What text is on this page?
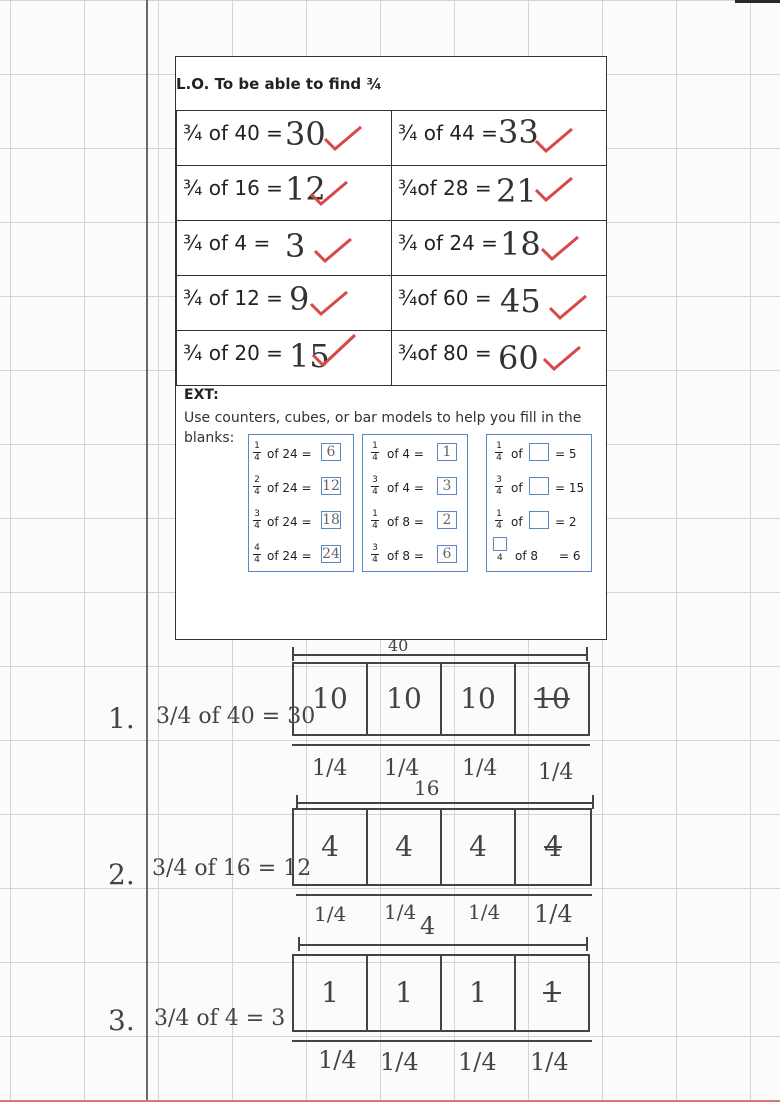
L.O. To be able to find ¾
¾ of 40 = 30	¾ of 44 = 33

¾ of 16 = 12	¾of 28 = 21

¾ of 4 = 3	¾ of 24 = 18

¾ of 12 = 9	¾of 60 = 45

¾ of 20 = 15	¾of 80 = 60
EXT:
Use counters, cubes, or bar models to help you fill in the blanks:
$\frac{1}{4}$ of 24 =	6
$\frac{2}{4}$ of 24 = 12
$\frac{3}{4}$ of 24 = 18
$\frac{4}{4}$ of 24 = 24
$\frac{1}{4}$ of 4 =	1
$\frac{3}{4}$ of 4 =	3
$\frac{1}{4}$ of 8 =	2
$\frac{3}{4}$ of 8 =	6
$\frac{1}{4}$ of	= 5
$\frac{3}{4}$ of	= 15
$\frac{1}{4}$ of	= 2
4 of 8 = 6
1. 3/4 of 40 = 30
40
10	10	10	10
1/4 1/4 1/4 1/4
2. 3/4 of 16 = 12
16
4	4	4	4
1/4 1/4	1/4 1/4
3. 3/4 of 4 = 3
4
1	1	1	1
1/4 1/4 1/4 1/4
